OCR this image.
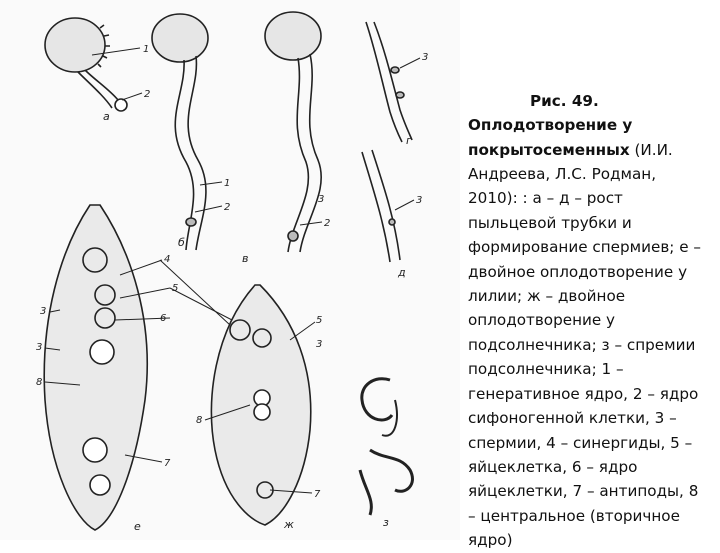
а
б
в
г
д
е	ж	з
1
2
1
2
3
2
3
3
4
5
6
3
3
8
7
5
3
8
7

Рис. 49.
Оплодотворение у покрытосеменных (И.И. Андреева, Л.С. Родман, 2010): : а – д – рост пыльцевой трубки и формирование спермиев; е – двойное оплодотворение у лилии; ж – двойное оплодотворение у подсолнечника; з – спремии подсолнечника; 1 – генеративное ядро, 2 – ядро сифоногенной клетки, 3 – спермии, 4 – синергиды, 5 – яйцеклетка, 6 – ядро яйцеклетки, 7 – антиподы, 8 – центральное (вторичное ядро)
